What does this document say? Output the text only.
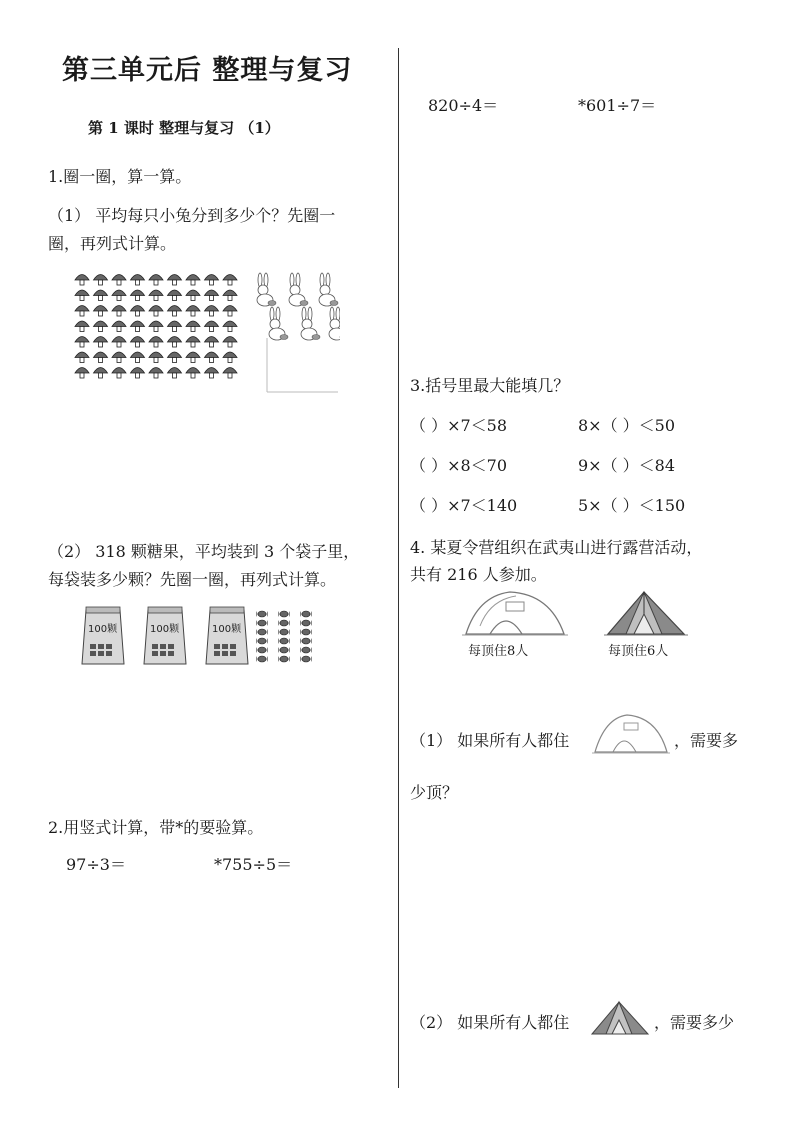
第三单元后 整理与复习
第 1 课时 整理与复习 （1）
1.圈一圈，算一算。
（1） 平均每只小兔分到多少个？先圈一
圈，再列式计算。
（2） 318 颗糖果，平均装到 3 个袋子里，
每袋装多少颗？先圈一圈，再列式计算。
100颗	100颗	100颗
2.用竖式计算，带*的要验算。
97÷3＝	*755÷5＝
820÷4＝	*601÷7＝
3.括号里最大能填几？
（ ）×7＜58	8×（ ）＜50
（ ）×8＜70	9×（ ）＜84
（ ）×7＜140	5×（ ）＜150
4. 某夏令营组织在武夷山进行露营活动，
共有 216 人参加。
每顶住8人	每顶住6人
（1） 如果所有人都住	，需要多
少顶？
（2） 如果所有人都住	，需要多少
